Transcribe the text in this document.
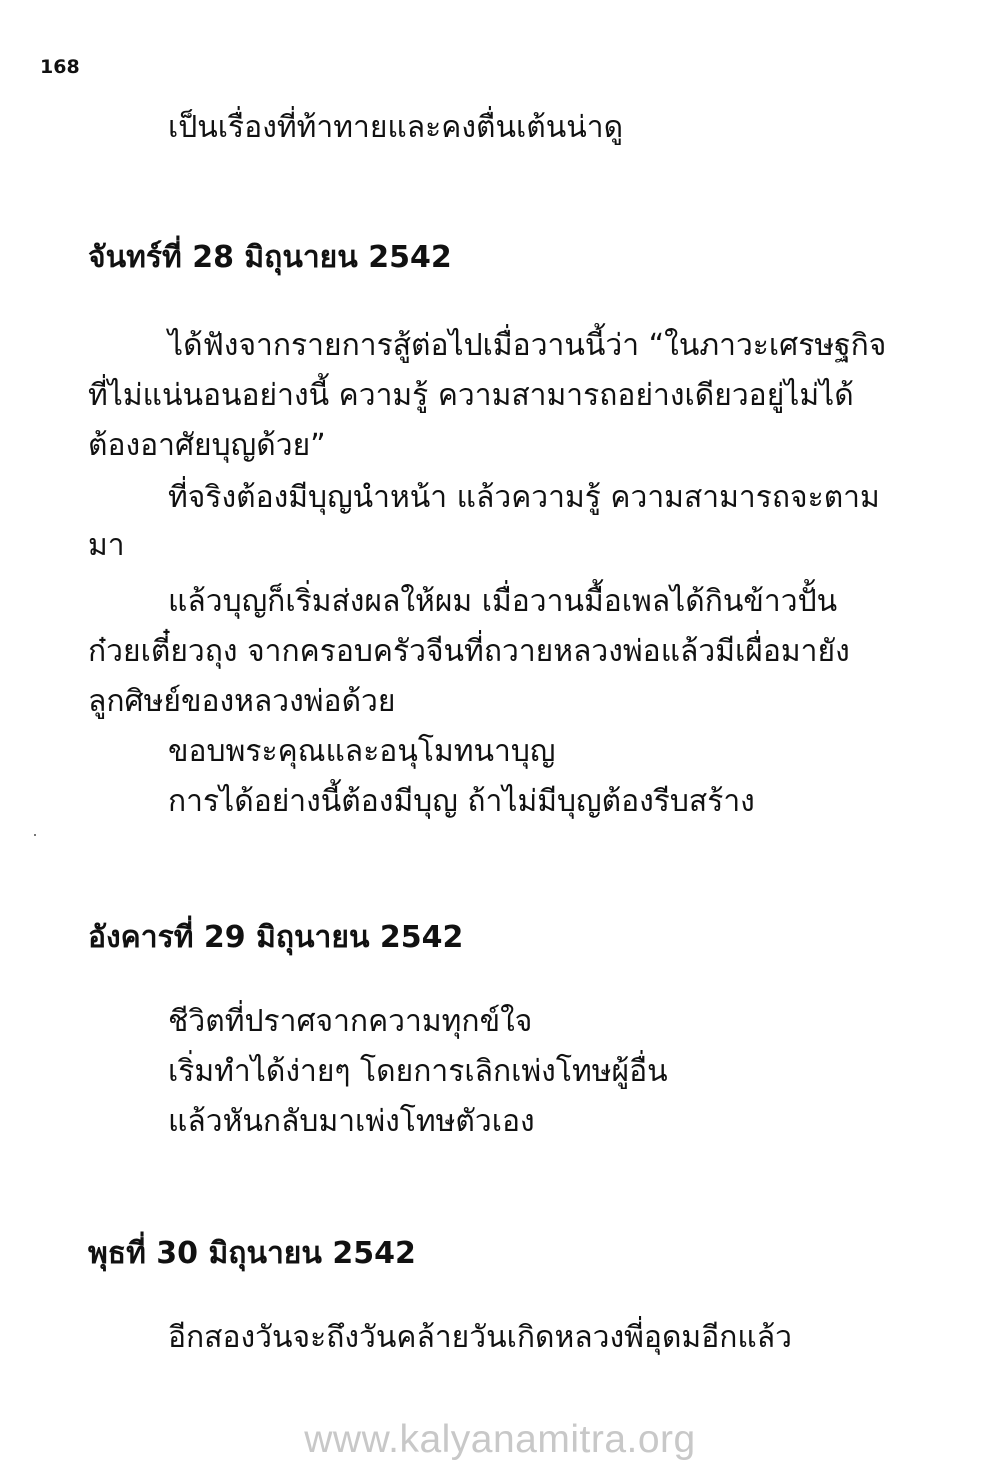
168
เป็นเรื่องที่ท้าทายและคงตื่นเต้นน่าดู
จันทร์ที่ 28 มิถุนายน 2542
ได้ฟังจากรายการสู้ต่อไปเมื่อวานนี้ว่า “ในภาวะเศรษฐกิจ
ที่ไม่แน่นอนอย่างนี้ ความรู้ ความสามารถอย่างเดียวอยู่ไม่ได้
ต้องอาศัยบุญด้วย”
ที่จริงต้องมีบุญนำหน้า แล้วความรู้ ความสามารถจะตาม
มา
แล้วบุญก็เริ่มส่งผลให้ผม เมื่อวานมื้อเพลได้กินข้าวปั้น
ก๋วยเตี๋ยวถุง จากครอบครัวจีนที่ถวายหลวงพ่อแล้วมีเผื่อมายัง
ลูกศิษย์ของหลวงพ่อด้วย
ขอบพระคุณและอนุโมทนาบุญ
การได้อย่างนี้ต้องมีบุญ ถ้าไม่มีบุญต้องรีบสร้าง
อังคารที่ 29 มิถุนายน 2542
ชีวิตที่ปราศจากความทุกข์ใจ
เริ่มทำได้ง่ายๆ โดยการเลิกเพ่งโทษผู้อื่น
แล้วหันกลับมาเพ่งโทษตัวเอง
พุธที่ 30 มิถุนายน 2542
อีกสองวันจะถึงวันคล้ายวันเกิดหลวงพี่อุดมอีกแล้ว
www.kalyanamitra.org
